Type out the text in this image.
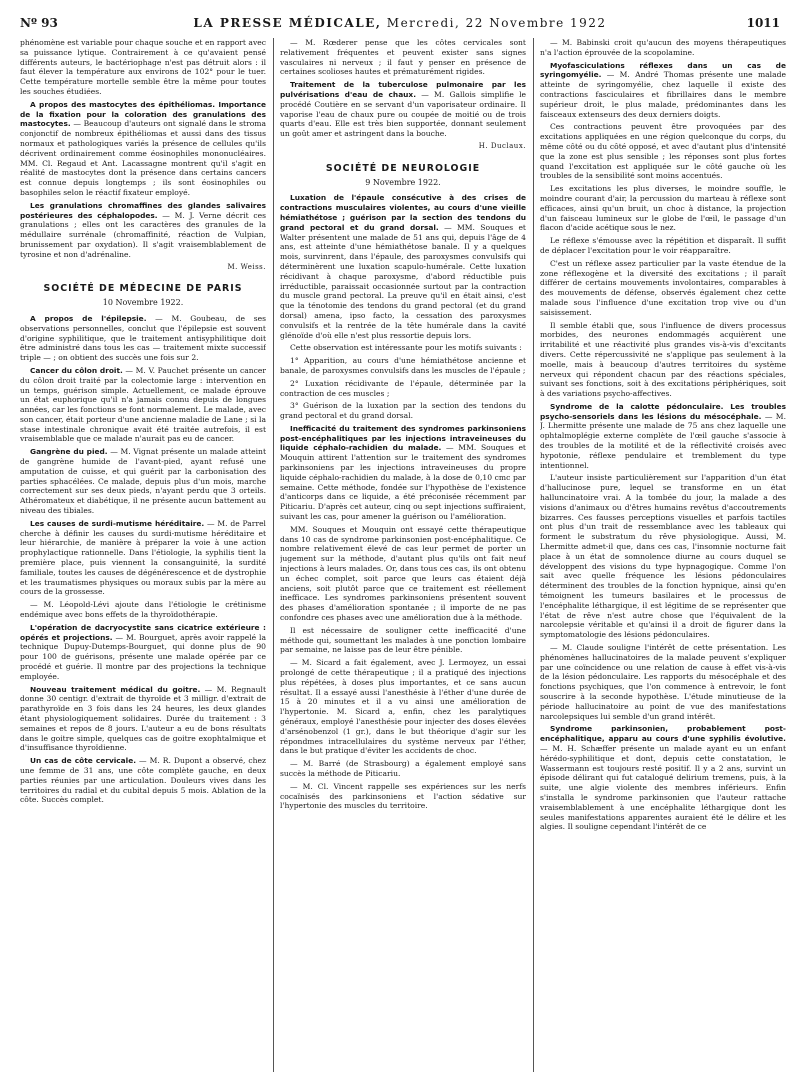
Nº 93	LA PRESSE MÉDICALE, Mercredi, 22 Novembre 1922	1011

phénomène est variable pour chaque souche et en rapport avec sa puissance lytique. Contrairement à ce qu'avaient pensé différents auteurs, le bactériophage n'est pas détruit alors : il faut élever la température aux environs de 102° pour le tuer. Cette température mortelle semble être la même pour toutes les souches étudiées.

A propos des mastocytes des épithéliomas. Importance de la fixation pour la coloration des granulations des mastocytes. — Beaucoup d'auteurs ont signalé dans le stroma conjonctif de nombreux épithéliomas et aussi dans des tissus normaux et pathologiques variés la présence de cellules qu'ils décrivent ordinairement comme éosinophiles mononucléaires. MM. Cl. Regaud et Ant. Lacassagne montrent qu'il s'agit en réalité de mastocytes dont la présence dans certains cancers est connue depuis longtemps ; ils sont éosinophiles ou basophiles selon le réactif fixateur employé.

Les granulations chromaffines des glandes salivaires postérieures des céphalopodes. — M. J. Verne décrit ces granulations ; elles ont les caractères des granules de la médullaire surrénale (chromaffinité, réaction de Vulpian, brunissement par oxydation). Il s'agit vraisemblablement de tyrosine et non d'adrénaline.

M. Weiss.

SOCIÉTÉ DE MÉDECINE DE PARIS
10 Novembre 1922.

A propos de l'épilepsie. — M. Goubeau, de ses observations personnelles, conclut que l'épilepsie est souvent d'origine syphilitique, que le traitement antisyphilitique doit être administré dans tous les cas — traitement mixte successif triple — ; on obtient des succès une fois sur 2.

Cancer du côlon droit. — M. V. Pauchet présente un cancer du côlon droit traité par la colectomie large : intervention en un temps, guérison simple. Actuellement, ce malade éprouve un état euphorique qu'il n'a jamais connu depuis de longues années, car les fonctions se font normalement. Le malade, avec son cancer, était porteur d'une ancienne maladie de Lane ; si la stase intestinale chronique avait été traitée autrefois, il est vraisemblable que ce malade n'aurait pas eu de cancer.

Gangrène du pied. — M. Vignat présente un malade atteint de gangrène humide de l'avant-pied, ayant refusé une amputation de cuisse, et qui guérit par la carbonisation des parties sphacélées. Ce malade, depuis plus d'un mois, marche correctement sur ses deux pieds, n'ayant perdu que 3 orteils. Athéromateux et diabétique, il ne présente aucun battement au niveau des tibiales.

Les causes de surdi-mutisme héréditaire. — M. de Parrel cherche à définir les causes du surdi-mutisme héréditaire et leur hiérarchie, de manière à préparer la voie à une action prophylactique rationnelle. Dans l'étiologie, la syphilis tient la première place, puis viennent la consanguinité, la surdité familiale, toutes les causes de dégénérescence et de dystrophie et les traumatismes physiques ou moraux subis par la mère au cours de la grossesse.

— M. Léopold-Lévi ajoute dans l'étiologie le crétinisme endémique avec bons effets de la thyroïdothérapie.

L'opération de dacryocystite sans cicatrice extérieure : opérés et projections. — M. Bourguet, après avoir rappelé la technique Dupuy-Dutemps-Bourguet, qui donne plus de 90 pour 100 de guérisons, présente une malade opérée par ce procédé et guérie. Il montre par des projections la technique employée.

Nouveau traitement médical du goitre. — M. Regnault donne 30 centigr. d'extrait de thyroïde et 3 milligr. d'extrait de parathyroïde en 3 fois dans les 24 heures, les deux glandes étant physiologiquement solidaires. Durée du traitement : 3 semaines et repos de 8 jours. L'auteur a eu de bons résultats dans le goitre simple, quelques cas de goitre exophtalmique et d'insuffisance thyroïdienne.

Un cas de côte cervicale. — M. R. Dupont a observé, chez une femme de 31 ans, une côte complète gauche, en deux parties réunies par une articulation. Douleurs vives dans les territoires du radial et du cubital depuis 5 mois. Ablation de la côte. Succès complet.

— M. Rœderer pense que les côtes cervicales sont relativement fréquentes et peuvent exister sans signes vasculaires ni nerveux ; il faut y penser en présence de certaines scolioses hautes et prématurément rigides.

Traitement de la tuberculose pulmonaire par les pulvérisations d'eau de chaux. — M. Gallois simplifie le procédé Coutière en se servant d'un vaporisateur ordinaire. Il vaporise l'eau de chaux pure ou coupée de moitié ou de trois quarts d'eau. Elle est très bien supportée, donnant seulement un goût amer et astringent dans la bouche.

H. Duclaux.

SOCIÉTÉ DE NEUROLOGIE
9 Novembre 1922.

Luxation de l'épaule consécutive à des crises de contractions musculaires violentes, au cours d'une vieille hémiathétose ; guérison par la section des tendons du grand pectoral et du grand dorsal. — MM. Souques et Walter présentent une malade de 51 ans qui, depuis l'âge de 4 ans, est atteinte d'une hémiathétose banale. Il y a quelques mois, survinrent, dans l'épaule, des paroxysmes convulsifs qui déterminèrent une luxation scapulo-humérale. Cette luxation récidivant à chaque paroxysme, d'abord réductible puis irréductible, paraissait occasionnée surtout par la contraction du muscle grand pectoral. La preuve qu'il en était ainsi, c'est que la ténotomie des tendons du grand pectoral (et du grand dorsal) amena, ipso facto, la cessation des paroxysmes convulsifs et la rentrée de la tête humérale dans la cavité glénoïde d'où elle n'est plus ressortie depuis lors.

Cette observation est intéressante pour les motifs suivants :

1° Apparition, au cours d'une hémiathétose ancienne et banale, de paroxysmes convulsifs dans les muscles de l'épaule ;

2° Luxation récidivante de l'épaule, déterminée par la contraction de ces muscles ;

3° Guérison de la luxation par la section des tendons du grand pectoral et du grand dorsal.

Inefficacité du traitement des syndromes parkinsoniens post-encéphalitiques par les injections intraveineuses du liquide céphalo-rachidien du malade. — MM. Souques et Mouquin attirent l'attention sur le traitement des syndromes parkinsoniens par les injections intraveineuses du propre liquide céphalo-rachidien du malade, à la dose de 0,10 cmc par semaine. Cette méthode, fondée sur l'hypothèse de l'existence d'anticorps dans ce liquide, a été préconisée récemment par Piticariu. D'après cet auteur, cinq ou sept injections suffiraient, suivant les cas, pour amener la guérison ou l'amélioration.

MM. Souques et Mouquin ont essayé cette thérapeutique dans 10 cas de syndrome parkinsonien post-encéphalitique. Ce nombre relativement élevé de cas leur permet de porter un jugement sur la méthode, d'autant plus qu'ils ont fait neuf injections à leurs malades. Or, dans tous ces cas, ils ont obtenu un échec complet, soit parce que leurs cas étaient déjà anciens, soit plutôt parce que ce traitement est réellement inefficace. Les syndromes parkinsoniens présentent souvent des phases d'amélioration spontanée ; il importe de ne pas confondre ces phases avec une amélioration due à la méthode.

Il est nécessaire de souligner cette inefficacité d'une méthode qui, soumettant les malades à une ponction lombaire par semaine, ne laisse pas de leur être pénible.

— M. Sicard a fait également, avec J. Lermoyez, un essai prolongé de cette thérapeutique ; il a pratiqué des injections plus répétées, à doses plus importantes, et ce sans aucun résultat. Il a essayé aussi l'anesthésie à l'éther d'une durée de 15 à 20 minutes et il a vu ainsi une amélioration de l'hypertonie. M. Sicard a, enfin, chez les paralytiques généraux, employé l'anesthésie pour injecter des doses élevées d'arsénobenzol (1 gr.), dans le but théorique d'agir sur les répondmes intracellulaires du système nerveux par l'éther, dans le but pratique d'éviter les accidents de choc.

— M. Barré (de Strasbourg) a également employé sans succès la méthode de Piticariu.

— M. Cl. Vincent rappelle ses expériences sur les nerfs cocaïnisés des parkinsoniens et l'action sédative sur l'hypertonie des muscles du territoire.

— M. Babinski croit qu'aucun des moyens thérapeutiques n'a l'action éprouvée de la scopolamine.

Myofasciculations réflexes dans un cas de syringomyélie. — M. André Thomas présente une malade atteinte de syringomyélie, chez laquelle il existe des contractions fasciculaires et fibrillaires dans le membre supérieur droit, le plus malade, prédominantes dans les faisceaux extenseurs des deux derniers doigts.

Ces contractions peuvent être provoquées par des excitations appliquées en une région quelconque du corps, du même côté ou du côté opposé, et avec d'autant plus d'intensité que la zone est plus sensible ; les réponses sont plus fortes quand l'excitation est appliquée sur le côté gauche où les troubles de la sensibilité sont moins accentués.

Les excitations les plus diverses, le moindre souffle, le moindre courant d'air, la percussion du marteau à réflexe sont efficaces, ainsi qu'un bruit, un choc à distance, la projection d'un faisceau lumineux sur le globe de l'œil, le passage d'un flacon d'acide acétique sous le nez.

Le réflexe s'émousse avec la répétition et disparaît. Il suffit de déplacer l'excitation pour le voir réapparaître.

C'est un réflexe assez particulier par la vaste étendue de la zone réflexogène et la diversité des excitations ; il paraît différer de certains mouvements involontaires, comparables à des mouvements de défense, observés également chez cette malade sous l'influence d'une excitation trop vive ou d'un saisissement.

Il semble établi que, sous l'influence de divers processus morbides, des neurones endommagés acquièrent une irritabilité et une réactivité plus grandes vis-à-vis d'excitants divers. Cette répercussivité ne s'applique pas seulement à la moelle, mais à beaucoup d'autres territoires du système nerveux qui répondent chacun par des réactions spéciales, suivant ses fonctions, soit à des excitations périphériques, soit à des variations psycho-affectives.

Syndrome de la calotte pédonculaire. Les troubles psycho-sensoriels dans les lésions du mésocéphale. — M. J. Lhermitte présente une malade de 75 ans chez laquelle une ophtalmoplégie externe complète de l'œil gauche s'associe à des troubles de la motilité et de la réflectivité croisés avec hypotonie, réflexe pendulaire et tremblement du type intentionnel.

L'auteur insiste particulièrement sur l'apparition d'un état d'hallucinose pure, lequel se transforme en un état halluncinatoire vrai. A la tombée du jour, la malade a des visions d'animaux ou d'êtres humains revêtus d'accoutrements bizarres. Ces fausses perceptions visuelles et parfois tactiles ont plus d'un trait de ressemblance avec les tableaux qui forment le substratum du rêve physiologique. Aussi, M. Lhermitte admet-il que, dans ces cas, l'insomnie nocturne fait place à un état de somnolence diurne au cours duquel se développent des visions du type hypnagogique. Comme l'on sait avec quelle fréquence les lésions pédonculaires déterminent des troubles de la fonction hypnique, ainsi qu'en témoignent les tumeurs basilaires et le processus de l'encéphalite léthargique, il est légitime de se représenter que l'état de rêve n'est autre chose que l'équivalent de la narcolepsie véritable et qu'ainsi il a droit de figurer dans la symptomatologie des lésions pédonculaires.

— M. Claude souligne l'intérêt de cette présentation. Les phénomènes hallucinatoires de la malade peuvent s'expliquer par une coïncidence ou une relation de cause à effet vis-à-vis de la lésion pédonculaire. Les rapports du mésocéphale et des fonctions psychiques, que l'on commence à entrevoir, le font souscrire à la seconde hypothèse. L'étude minutieuse de la période hallucinatoire au point de vue des manifestations narcolepsiques lui semble d'un grand intérêt.

Syndrome parkinsonien, probablement post-encéphalitique, apparu au cours d'une syphilis évolutive. — M. H. Schæffer présente un malade ayant eu un enfant hérédo-syphilitique et dont, depuis cette constatation, le Wassermann est toujours resté positif. Il y a 2 ans, survint un épisode délirant qui fut catalogué delirium tremens, puis, à la suite, une algie violente des membres inférieurs. Enfin s'installa le syndrome parkinsonien que l'auteur rattache vraisemblablement à une encéphalite léthargique dont les seules manifestations apparentes auraient été le délire et les algies. Il souligne cependant l'intérêt de ce
